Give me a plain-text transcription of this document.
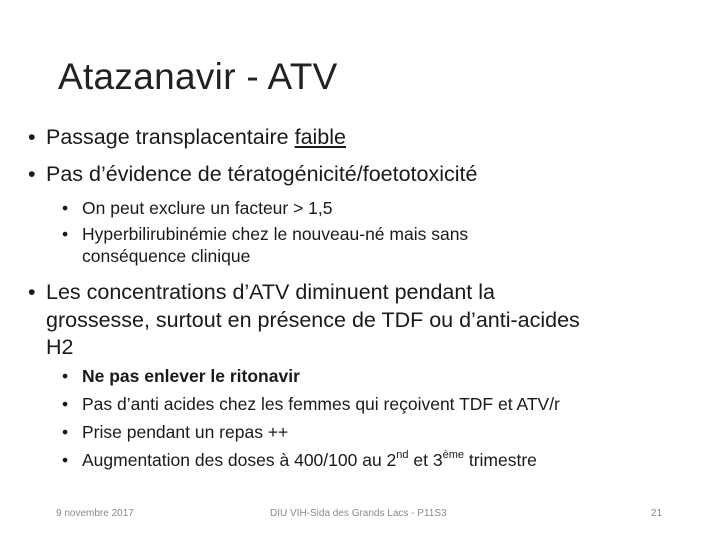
Atazanavir - ATV
• Passage transplacentaire faible
• Pas d’évidence de tératogénicité/foetotoxicité
• On peut exclure un facteur > 1,5
• Hyperbilirubinémie chez le nouveau-né mais sans
conséquence clinique
• Les concentrations d’ATV diminuent pendant la
grossesse, surtout en présence de TDF ou d’anti-acides
H2
• Ne pas enlever le ritonavir
• Pas d’anti acides chez les femmes qui reçoivent TDF et ATV/r
• Prise pendant un repas ++
• Augmentation des doses à 400/100 au 2nd et 3ème trimestre
9 novembre 2017	DIU VIH-Sida des Grands Lacs - P11S3	21
